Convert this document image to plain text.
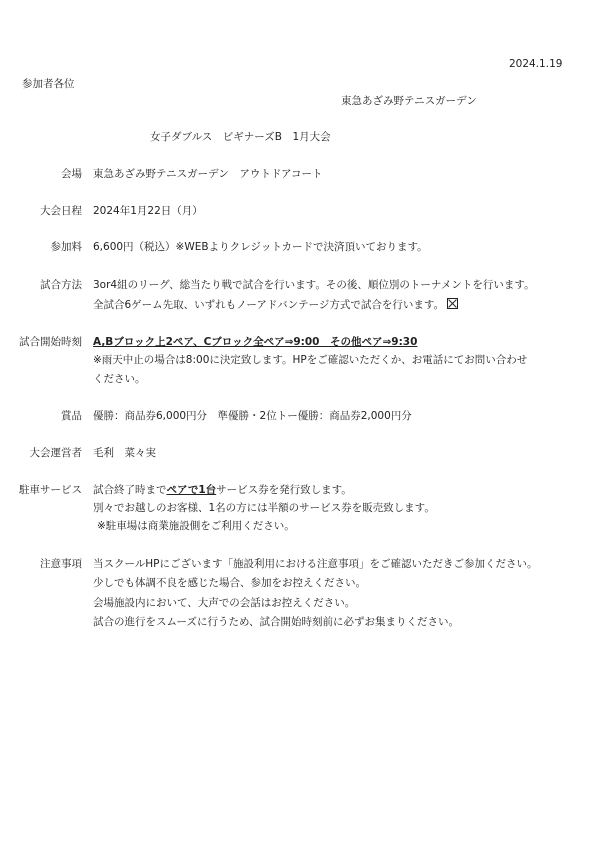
2024.1.19
参加者各位
東急あざみ野テニスガーデン
女子ダブルス　ビギナーズB　1月大会
会場 東急あざみ野テニスガーデン　アウトドアコート
大会日程 2024年1月22日（月）
参加料 6,600円（税込）※WEBよりクレジットカードで決済頂いております。
試合方法 3or4組のリーグ、総当たり戦で試合を行います。その後、順位別のトーナメントを行います。
全試合6ゲーム先取、いずれもノーアドバンテージ方式で試合を行います。
試合開始時刻 A,Bブロック上2ペア、Cブロック全ペア⇒9:00　その他ペア⇒9:30
※雨天中止の場合は8:00に決定致します。HPをご確認いただくか、お電話にてお問い合わせ
ください。
賞品 優勝：商品券6,000円分　準優勝・2位トー優勝：商品券2,000円分
大会運営者 毛利　菜々実
駐車サービス 試合終了時までペアで1台サービス券を発行致します。
別々でお越しのお客様、1名の方には半額のサービス券を販売致します。
※駐車場は商業施設側をご利用ください。
注意事項 当スクールHPにございます「施設利用における注意事項」をご確認いただきご参加ください。
少しでも体調不良を感じた場合、参加をお控えください。
会場施設内において、大声での会話はお控えください。
試合の進行をスムーズに行うため、試合開始時刻前に必ずお集まりください。
